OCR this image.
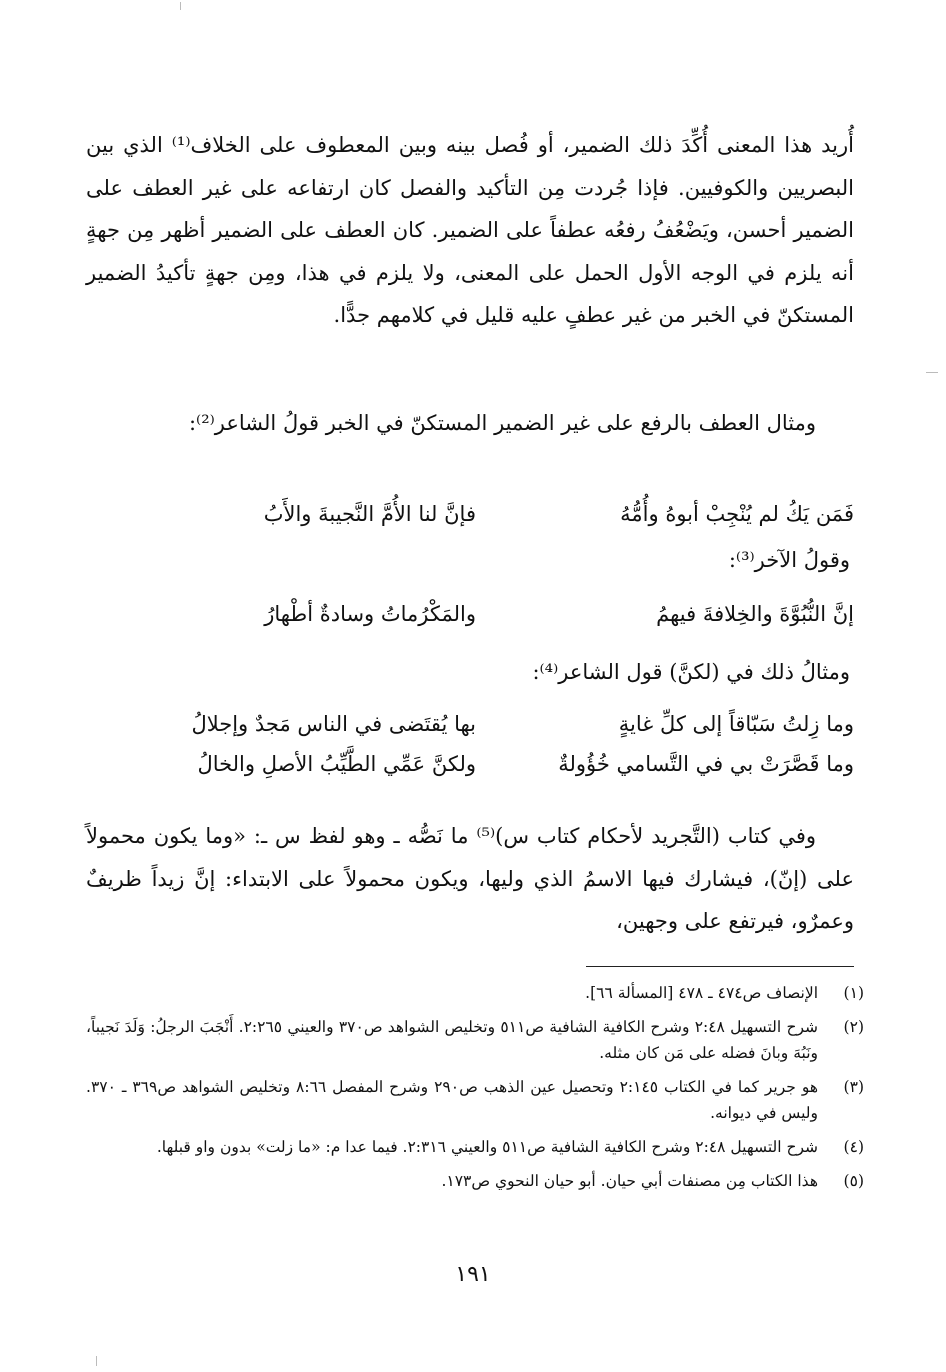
أُريد هذا المعنى أُكِّدَ ذلك الضمير، أو فُصل بينه وبين المعطوف على الخلاف⁽¹⁾ الذي بين البصريين والكوفيين. فإذا جُردت مِن التأكيد والفصل كان ارتفاعه على غير العطف على الضمير أحسن، ويَضْعُفُ رفعُه عطفاً على الضمير. كان العطف على الضمير أظهر مِن جهةٍ أنه يلزم في الوجه الأول الحمل على المعنى، ولا يلزم في هذا، ومِن جهةٍ تأكيدُ الضمير المستكنّ في الخبر من غير عطفٍ عليه قليل في كلامهم جدًّا.

ومثال العطف بالرفع على غير الضمير المستكنّ في الخبر قولُ الشاعر⁽²⁾:

فَمَن يَكُ لم يُنْجِبْ أبوهُ وأُمُّهُ
فإنَّ لنا الأُمَّ النَّجيبةَ والأَبُ
وقولُ الآخر⁽³⁾:
إنَّ النُّبُوَّةَ والخِلافةَ فيهمُ
والمَكْرُماتُ وسادةٌ أطْهارُ
ومثالُ ذلك في (لكنَّ) قول الشاعر⁽⁴⁾:
وما زِلتُ سَبّاقاً إلى كلِّ غايةٍ
بها يُقتَضى في الناس مَجدٌ وإجلالُ
وما قَصَّرَتْ بي في التَّسامي خُؤُولةٌ
ولكنَّ عَمِّي الطَّيِّبُ الأصلِ والخالُ

وفي كتاب (التَّجريد لأحكام كتاب س)⁽⁵⁾ ما نَصُّه ـ وهو لفظ س ـ: «وما يكون محمولاً على (إنّ)، فيشارك فيها الاسمُ الذي وليها، ويكون محمولاً على الابتداء: إنَّ زيداً ظريفٌ وعمرٌو، فيرتفع على وجهين،

(١)
الإنصاف ص٤٧٤ ـ ٤٧٨ [المسألة ٦٦].
(٢)
شرح التسهيل ٢:٤٨ وشرح الكافية الشافية ص٥١١ وتخليص الشواهد ص٣٧٠ والعيني ٢:٢٦٥. أَنْجَبَ الرجلُ: وَلَدَ نَجيباً، ونَبُهَ وبانَ فضله على مَن كان مثله.
(٣)
هو جرير كما في الكتاب ٢:١٤٥ وتحصيل عين الذهب ص٢٩٠ وشرح المفصل ٨:٦٦ وتخليص الشواهد ص٣٦٩ ـ ٣٧٠. وليس في ديوانه.
(٤)
شرح التسهيل ٢:٤٨ وشرح الكافية الشافية ص٥١١ والعيني ٢:٣١٦. فيما عدا م: «ما زلت» بدون واو قبلها.
(٥)
هذا الكتاب مِن مصنفات أبي حيان. أبو حيان النحوي ص١٧٣.
١٩١
